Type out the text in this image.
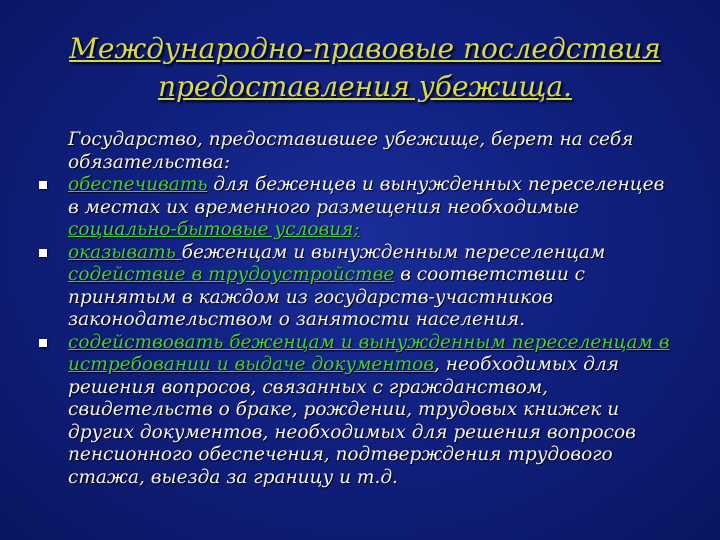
Международно-правовые последствия
предоставления убежища.
Государство, предоставившее убежище, берет на себя
обязательства:
обеспечивать для беженцев и вынужденных переселенцев
в местах их временного размещения необходимые
социально-бытовые условия;
оказывать беженцам и вынужденным переселенцам
содействие в трудоустройстве в соответствии с
принятым в каждом из государств-участников
законодательством о занятости населения.
содействовать беженцам и вынужденным переселенцам в
истребовании и выдаче документов, необходимых для
решения вопросов, связанных с гражданством,
свидетельств о браке, рождении, трудовых книжек и
других документов, необходимых для решения вопросов
пенсионного обеспечения, подтверждения трудового
стажа, выезда за границу и т.д.
